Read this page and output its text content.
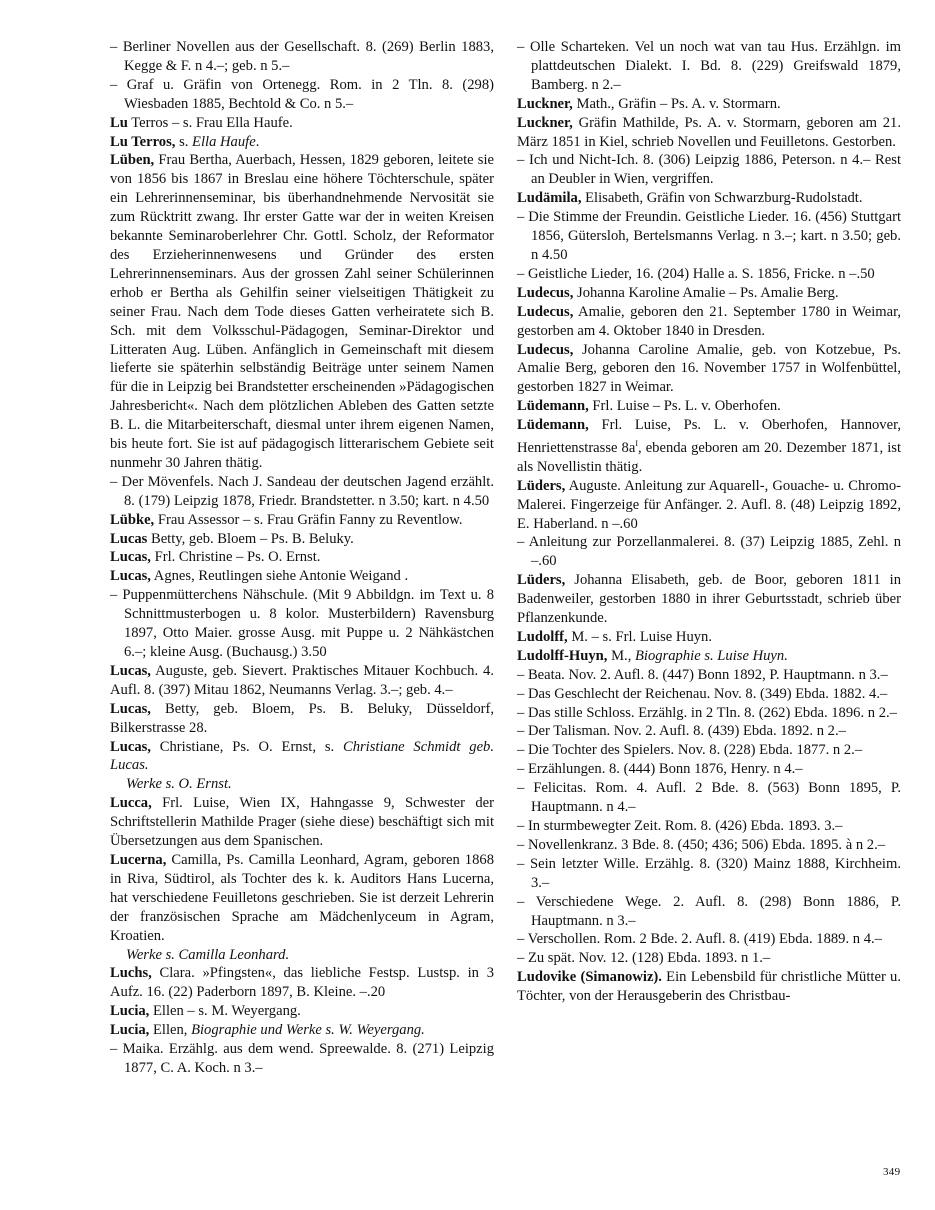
– Berliner Novellen aus der Gesellschaft. 8. (269) Berlin 1883, Kegge & F. n 4.–; geb. n 5.–

– Graf u. Gräfin von Ortenegg. Rom. in 2 Tln. 8. (298) Wiesbaden 1885, Bechtold & Co. n 5.–

Lu Terros – s. Frau Ella Haufe.

Lu Terros, s. Ella Haufe.

Lüben, Frau Bertha, Auerbach, Hessen, 1829 geboren, leitete sie von 1856 bis 1867 in Breslau eine höhere Töchterschule, später ein Lehrerinnenseminar, bis überhandnehmende Nervosität sie zum Rücktritt zwang. Ihr erster Gatte war der in weiten Kreisen bekannte Seminaroberlehrer Chr. Gottl. Scholz, der Reformator des Erzieherinnenwesens und Gründer des ersten Lehrerinnenseminars. Aus der grossen Zahl seiner Schülerinnen erhob er Bertha als Gehilfin seiner vielseitigen Thätigkeit zu seiner Frau. Nach dem Tode dieses Gatten verheiratete sich B. Sch. mit dem Volksschul-Pädagogen, Seminar-Direktor und Litteraten Aug. Lüben. Anfänglich in Gemeinschaft mit diesem lieferte sie späterhin selbständig Beiträge unter seinem Namen für die in Leipzig bei Brandstetter erscheinenden »Pädagogischen Jahresbericht«. Nach dem plötzlichen Ableben des Gatten setzte B. L. die Mitarbeiterschaft, diesmal unter ihrem eigenen Namen, bis heute fort. Sie ist auf pädagogisch litterarischem Gebiete seit nunmehr 30 Jahren thätig.

– Der Mövenfels. Nach J. Sandeau der deutschen Jagend erzählt. 8. (179) Leipzig 1878, Friedr. Brandstetter. n 3.50; kart. n 4.50

Lübke, Frau Assessor – s. Frau Gräfin Fanny zu Reventlow.

Lucas Betty, geb. Bloem – Ps. B. Beluky.

Lucas, Frl. Christine – Ps. O. Ernst.

Lucas, Agnes, Reutlingen siehe Antonie Weigand .

– Puppenmütterchens Nähschule. (Mit 9 Abbildgn. im Text u. 8 Schnittmusterbogen u. 8 kolor. Musterbildern) Ravensburg 1897, Otto Maier. grosse Ausg. mit Puppe u. 2 Nähkästchen 6.–; kleine Ausg. (Buchausg.) 3.50

Lucas, Auguste, geb. Sievert. Praktisches Mitauer Kochbuch. 4. Aufl. 8. (397) Mitau 1862, Neumanns Verlag. 3.–; geb. 4.–

Lucas, Betty, geb. Bloem, Ps. B. Beluky, Düsseldorf, Bilkerstrasse 28.

Lucas, Christiane, Ps. O. Ernst, s. Christiane Schmidt geb. Lucas.

Werke s. O. Ernst.

Lucca, Frl. Luise, Wien IX, Hahngasse 9, Schwester der Schriftstellerin Mathilde Prager (siehe diese) beschäftigt sich mit Übersetzungen aus dem Spanischen.

Lucerna, Camilla, Ps. Camilla Leonhard, Agram, geboren 1868 in Riva, Südtirol, als Tochter des k. k. Auditors Hans Lucerna, hat verschiedene Feuilletons geschrieben. Sie ist derzeit Lehrerin der französischen Sprache am Mädchenlyceum in Agram, Kroatien.

Werke s. Camilla Leonhard.

Luchs, Clara. »Pfingsten«, das liebliche Festsp. Lustsp. in 3 Aufz. 16. (22) Paderborn 1897, B. Kleine. –.20

Lucia, Ellen – s. M. Weyergang.

Lucia, Ellen, Biographie und Werke s. W. Weyergang.

– Maika. Erzählg. aus dem wend. Spreewalde. 8. (271) Leipzig 1877, C. A. Koch. n 3.–

– Olle Scharteken. Vel un noch wat van tau Hus. Erzählgn. im plattdeutschen Dialekt. I. Bd. 8. (229) Greifswald 1879, Bamberg. n 2.–

Luckner, Math., Gräfin – Ps. A. v. Stormarn.

Luckner, Gräfin Mathilde, Ps. A. v. Stormarn, geboren am 21. März 1851 in Kiel, schrieb Novellen und Feuilletons. Gestorben.

– Ich und Nicht-Ich. 8. (306) Leipzig 1886, Peterson. n 4.– Rest an Deubler in Wien, vergriffen.

Ludämila, Elisabeth, Gräfin von Schwarzburg-Rudolstadt.

– Die Stimme der Freundin. Geistliche Lieder. 16. (456) Stuttgart 1856, Gütersloh, Bertelsmanns Verlag. n 3.–; kart. n 3.50; geb. n 4.50

– Geistliche Lieder, 16. (204) Halle a. S. 1856, Fricke. n –.50

Ludecus, Johanna Karoline Amalie – Ps. Amalie Berg.

Ludecus, Amalie, geboren den 21. September 1780 in Weimar, gestorben am 4. Oktober 1840 in Dresden.

Ludecus, Johanna Caroline Amalie, geb. von Kotzebue, Ps. Amalie Berg, geboren den 16. November 1757 in Wolfenbüttel, gestorben 1827 in Weimar.

Lüdemann, Frl. Luise – Ps. L. v. Oberhofen.

Lüdemann, Frl. Luise, Ps. L. v. Oberhofen, Hannover, Henriettenstrasse $8a^I$, ebenda geboren am 20. Dezember 1871, ist als Novellistin thätig.

Lüders, Auguste. Anleitung zur Aquarell-, Gouache- u. Chromo-Malerei. Fingerzeige für Anfänger. 2. Aufl. 8. (48) Leipzig 1892, E. Haberland. n –.60

– Anleitung zur Porzellanmalerei. 8. (37) Leipzig 1885, Zehl. n –.60

Lüders, Johanna Elisabeth, geb. de Boor, geboren 1811 in Badenweiler, gestorben 1880 in ihrer Geburtsstadt, schrieb über Pflanzenkunde.

Ludolff, M. – s. Frl. Luise Huyn.

Ludolff-Huyn, M., Biographie s. Luise Huyn.

– Beata. Nov. 2. Aufl. 8. (447) Bonn 1892, P. Hauptmann. n 3.–

– Das Geschlecht der Reichenau. Nov. 8. (349) Ebda. 1882. 4.–

– Das stille Schloss. Erzählg. in 2 Tln. 8. (262) Ebda. 1896. n 2.–

– Der Talisman. Nov. 2. Aufl. 8. (439) Ebda. 1892. n 2.–

– Die Tochter des Spielers. Nov. 8. (228) Ebda. 1877. n 2.–

– Erzählungen. 8. (444) Bonn 1876, Henry. n 4.–

– Felicitas. Rom. 4. Aufl. 2 Bde. 8. (563) Bonn 1895, P. Hauptmann. n 4.–

– In sturmbewegter Zeit. Rom. 8. (426) Ebda. 1893. 3.–

– Novellenkranz. 3 Bde. 8. (450; 436; 506) Ebda. 1895. à n 2.–

– Sein letzter Wille. Erzählg. 8. (320) Mainz 1888, Kirchheim. 3.–

– Verschiedene Wege. 2. Aufl. 8. (298) Bonn 1886, P. Hauptmann. n 3.–

– Verschollen. Rom. 2 Bde. 2. Aufl. 8. (419) Ebda. 1889. n 4.–

– Zu spät. Nov. 12. (128) Ebda. 1893. n 1.–

Ludovike (Simanowiz). Ein Lebensbild für christliche Mütter u. Töchter, von der Herausgeberin des Christbau-

349
